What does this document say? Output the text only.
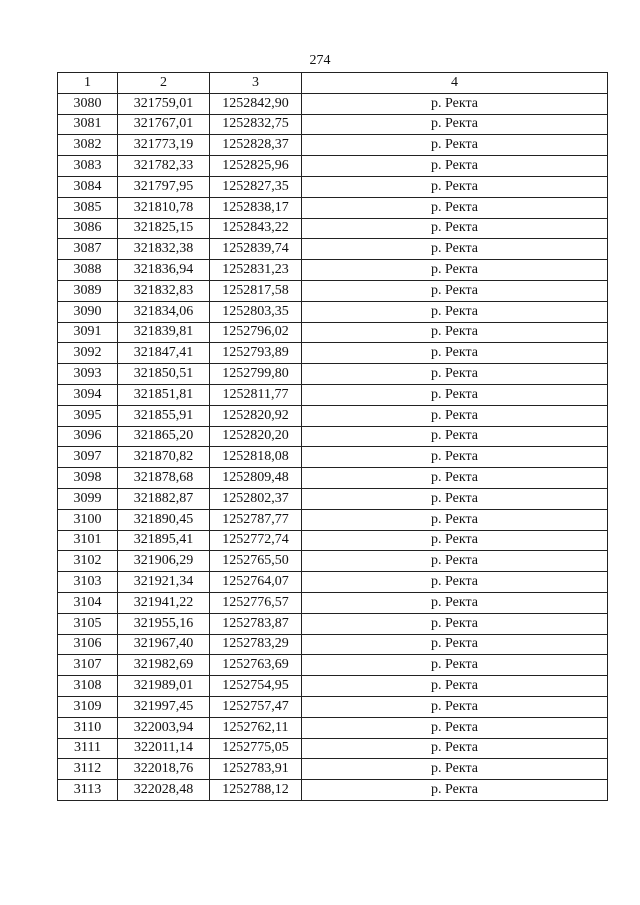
274
1	2	3	4
3080	321759,01	1252842,90	р. Ректа
3081	321767,01	1252832,75	р. Ректа
3082	321773,19	1252828,37	р. Ректа
3083	321782,33	1252825,96	р. Ректа
3084	321797,95	1252827,35	р. Ректа
3085	321810,78	1252838,17	р. Ректа
3086	321825,15	1252843,22	р. Ректа
3087	321832,38	1252839,74	р. Ректа
3088	321836,94	1252831,23	р. Ректа
3089	321832,83	1252817,58	р. Ректа
3090	321834,06	1252803,35	р. Ректа
3091	321839,81	1252796,02	р. Ректа
3092	321847,41	1252793,89	р. Ректа
3093	321850,51	1252799,80	р. Ректа
3094	321851,81	1252811,77	р. Ректа
3095	321855,91	1252820,92	р. Ректа
3096	321865,20	1252820,20	р. Ректа
3097	321870,82	1252818,08	р. Ректа
3098	321878,68	1252809,48	р. Ректа
3099	321882,87	1252802,37	р. Ректа
3100	321890,45	1252787,77	р. Ректа
3101	321895,41	1252772,74	р. Ректа
3102	321906,29	1252765,50	р. Ректа
3103	321921,34	1252764,07	р. Ректа
3104	321941,22	1252776,57	р. Ректа
3105	321955,16	1252783,87	р. Ректа
3106	321967,40	1252783,29	р. Ректа
3107	321982,69	1252763,69	р. Ректа
3108	321989,01	1252754,95	р. Ректа
3109	321997,45	1252757,47	р. Ректа
3110	322003,94	1252762,11	р. Ректа
3111	322011,14	1252775,05	р. Ректа
3112	322018,76	1252783,91	р. Ректа
3113	322028,48	1252788,12	р. Ректа
